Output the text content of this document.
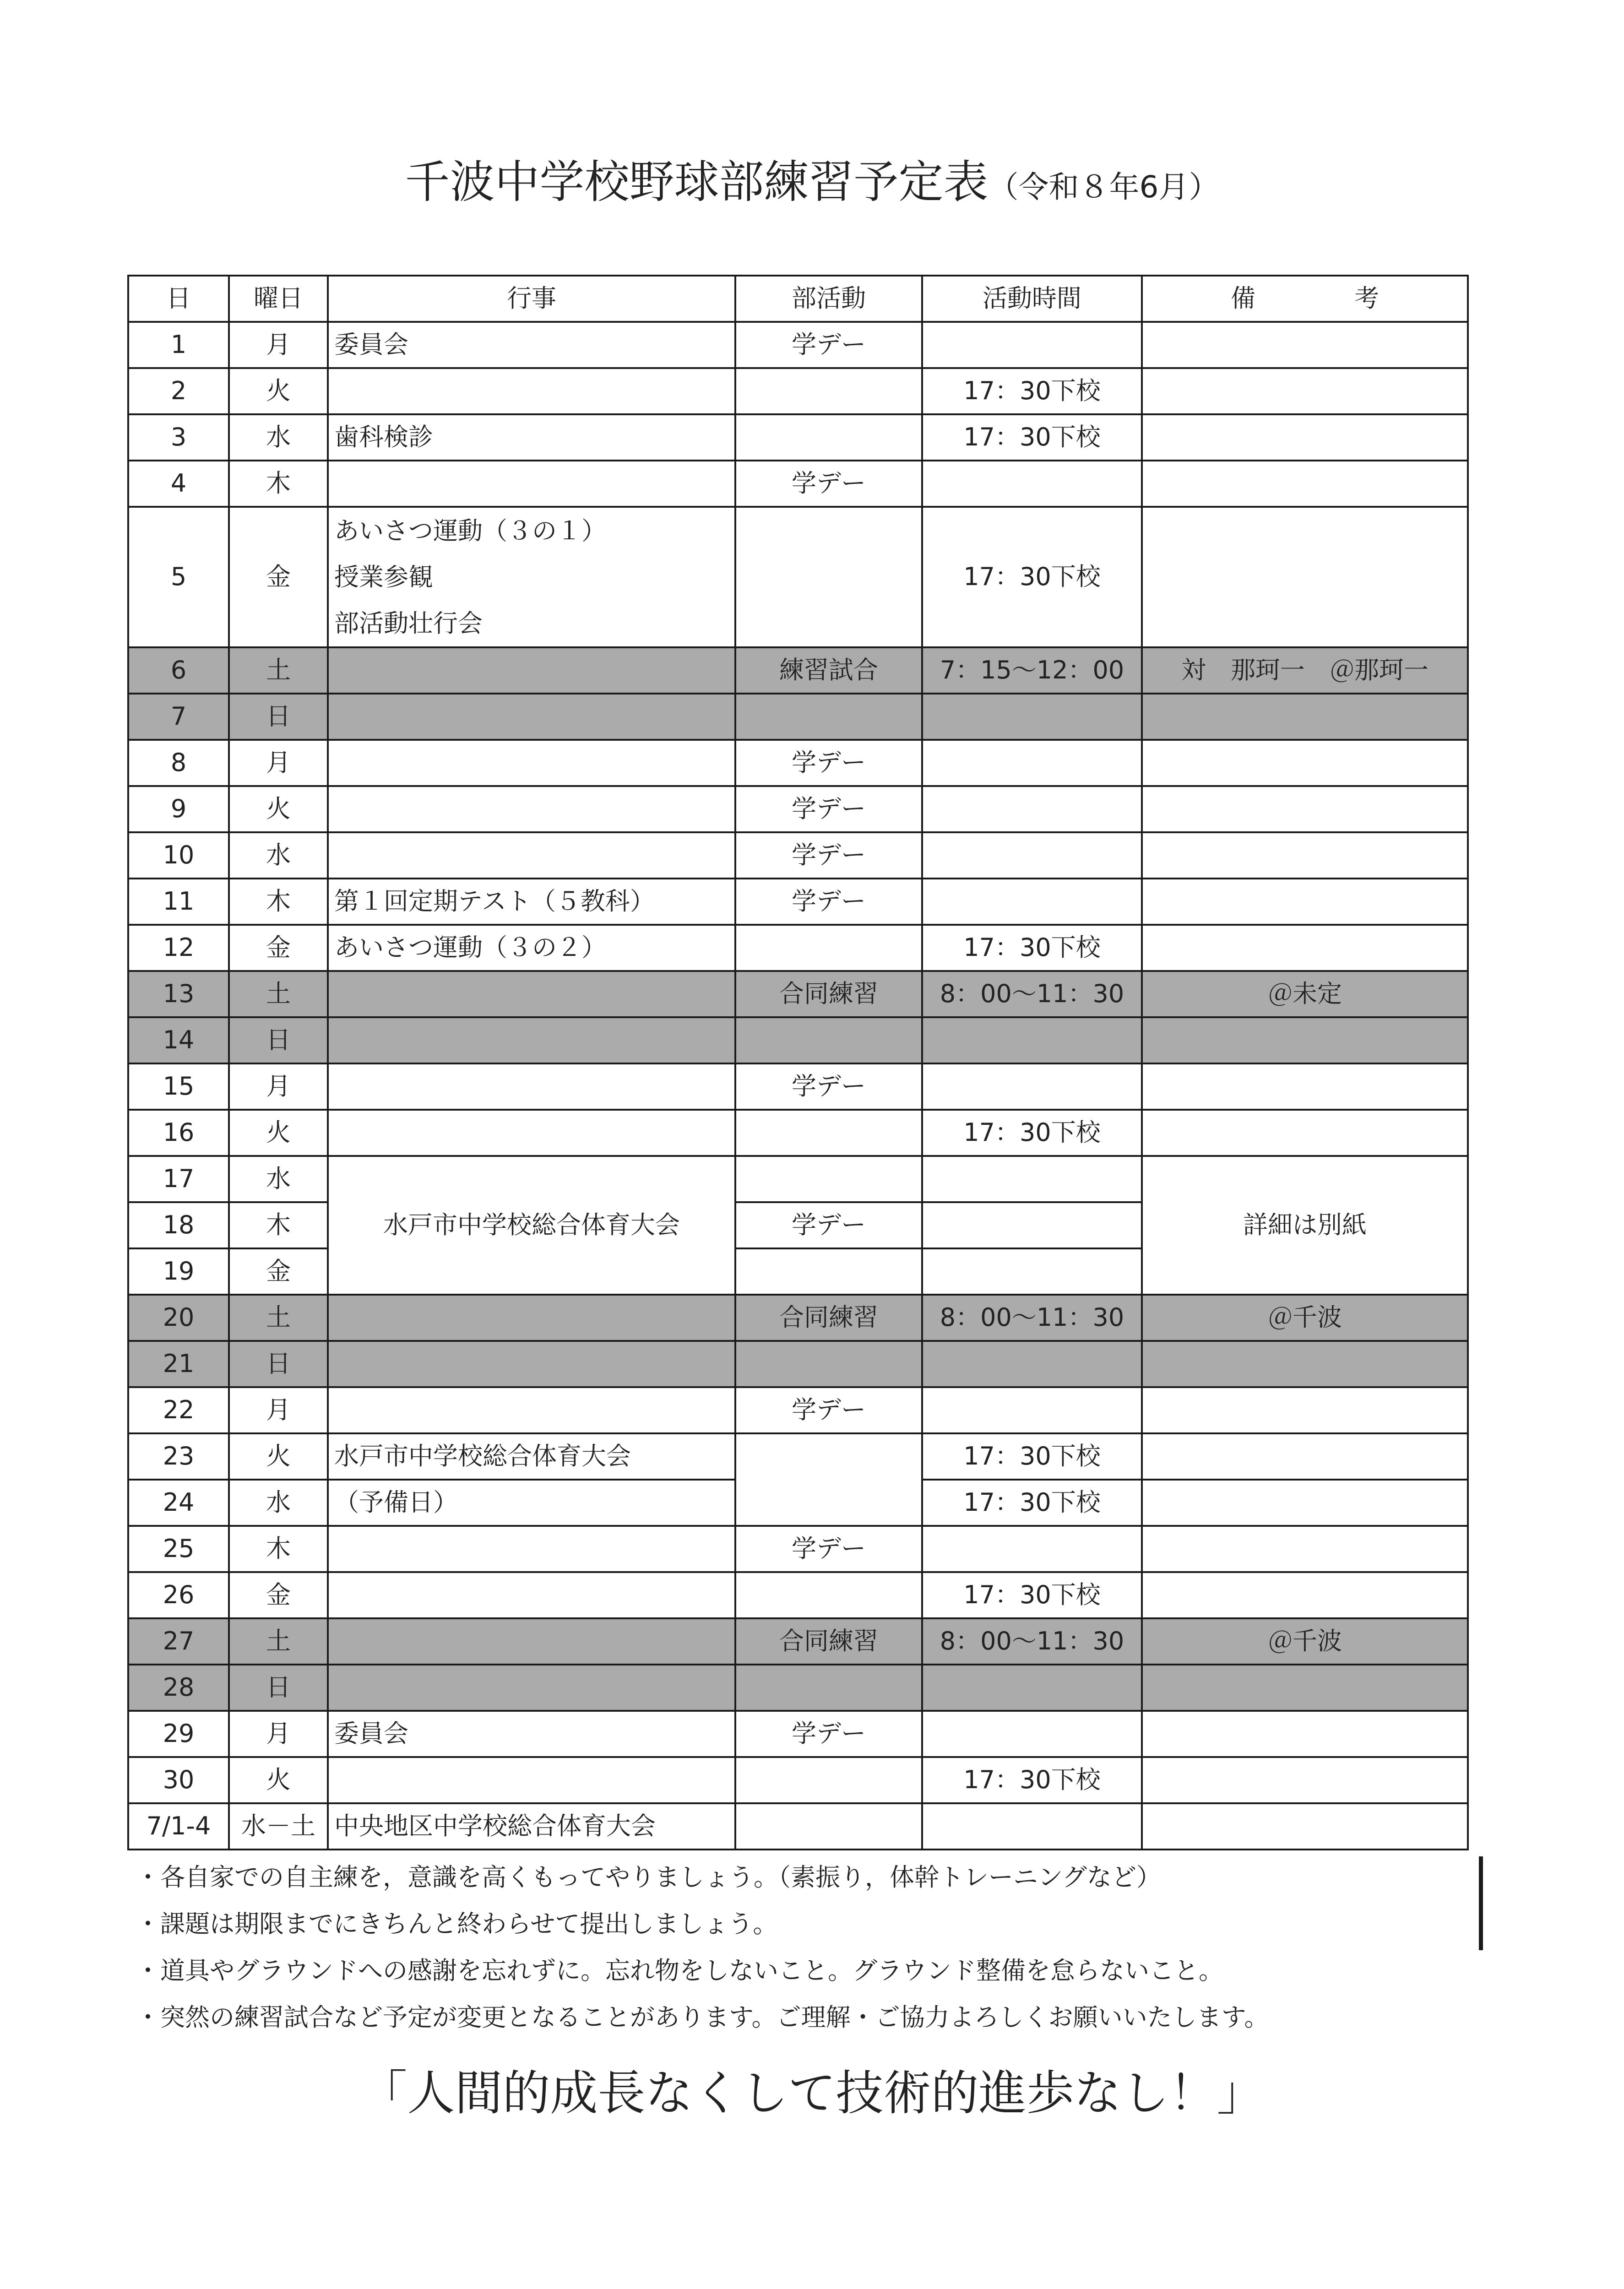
千波中学校野球部練習予定表（令和８年6月）
日	曜日	行事	部活動	活動時間	備　　　　考
1	月	委員会	学デー		
2	火			17：30下校	
3	水	歯科検診		17：30下校	
4	木		学デー		
5	金	あいさつ運動（３の１）
授業参観
部活動壮行会		17：30下校	
6	土		練習試合	7：15～12：00	対　那珂一　＠那珂一
7	日				
8	月		学デー		
9	火		学デー		
10	水		学デー		
11	木	第１回定期テスト（５教科）	学デー		
12	金	あいさつ運動（３の２）		17：30下校	
13	土		合同練習	8：00～11：30	＠未定
14	日				
15	月		学デー		
16	火			17：30下校	
17	水	水戸市中学校総合体育大会			詳細は別紙
18	木		学デー		
19	金				
20	土		合同練習	8：00～11：30	＠千波
21	日				
22	月		学デー		
23	火	水戸市中学校総合体育大会		17：30下校	
24	水	（予備日）		17：30下校	
25	木		学デー		
26	金			17：30下校	
27	土		合同練習	8：00～11：30	＠千波
28	日				
29	月	委員会	学デー		
30	火			17：30下校	
7/1-4	水－土	中央地区中学校総合体育大会			
・各自家での自主練を，意識を高くもってやりましょう。（素振り，体幹トレーニングなど）
・課題は期限までにきちんと終わらせて提出しましょう。
・道具やグラウンドへの感謝を忘れずに。忘れ物をしないこと。グラウンド整備を怠らないこと。
・突然の練習試合など予定が変更となることがあります。ご理解・ご協力よろしくお願いいたします。
「人間的成長なくして技術的進歩なし！」
